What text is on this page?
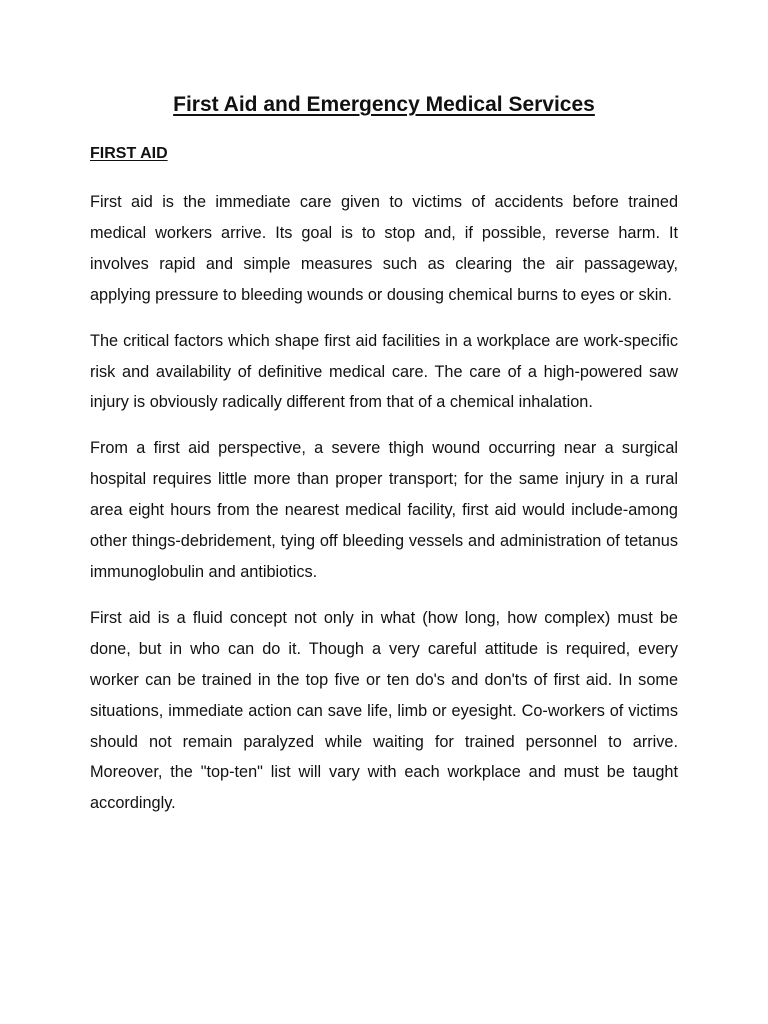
First Aid and Emergency Medical Services
FIRST AID

First aid is the immediate care given to victims of accidents before trained medical workers arrive. Its goal is to stop and, if possible, reverse harm. It involves rapid and simple measures such as clearing the air passageway, applying pressure to bleeding wounds or dousing chemical burns to eyes or skin.

The critical factors which shape first aid facilities in a workplace are work-specific risk and availability of definitive medical care. The care of a high-powered saw injury is obviously radically different from that of a chemical inhalation.

From a first aid perspective, a severe thigh wound occurring near a surgical hospital requires little more than proper transport; for the same injury in a rural area eight hours from the nearest medical facility, first aid would include-among other things-debridement, tying off bleeding vessels and administration of tetanus immunoglobulin and antibiotics.

First aid is a fluid concept not only in what (how long, how complex) must be done, but in who can do it. Though a very careful attitude is required, every worker can be trained in the top five or ten do's and don'ts of first aid. In some situations, immediate action can save life, limb or eyesight. Co-workers of victims should not remain paralyzed while waiting for trained personnel to arrive. Moreover, the "top-ten" list will vary with each workplace and must be taught accordingly.
